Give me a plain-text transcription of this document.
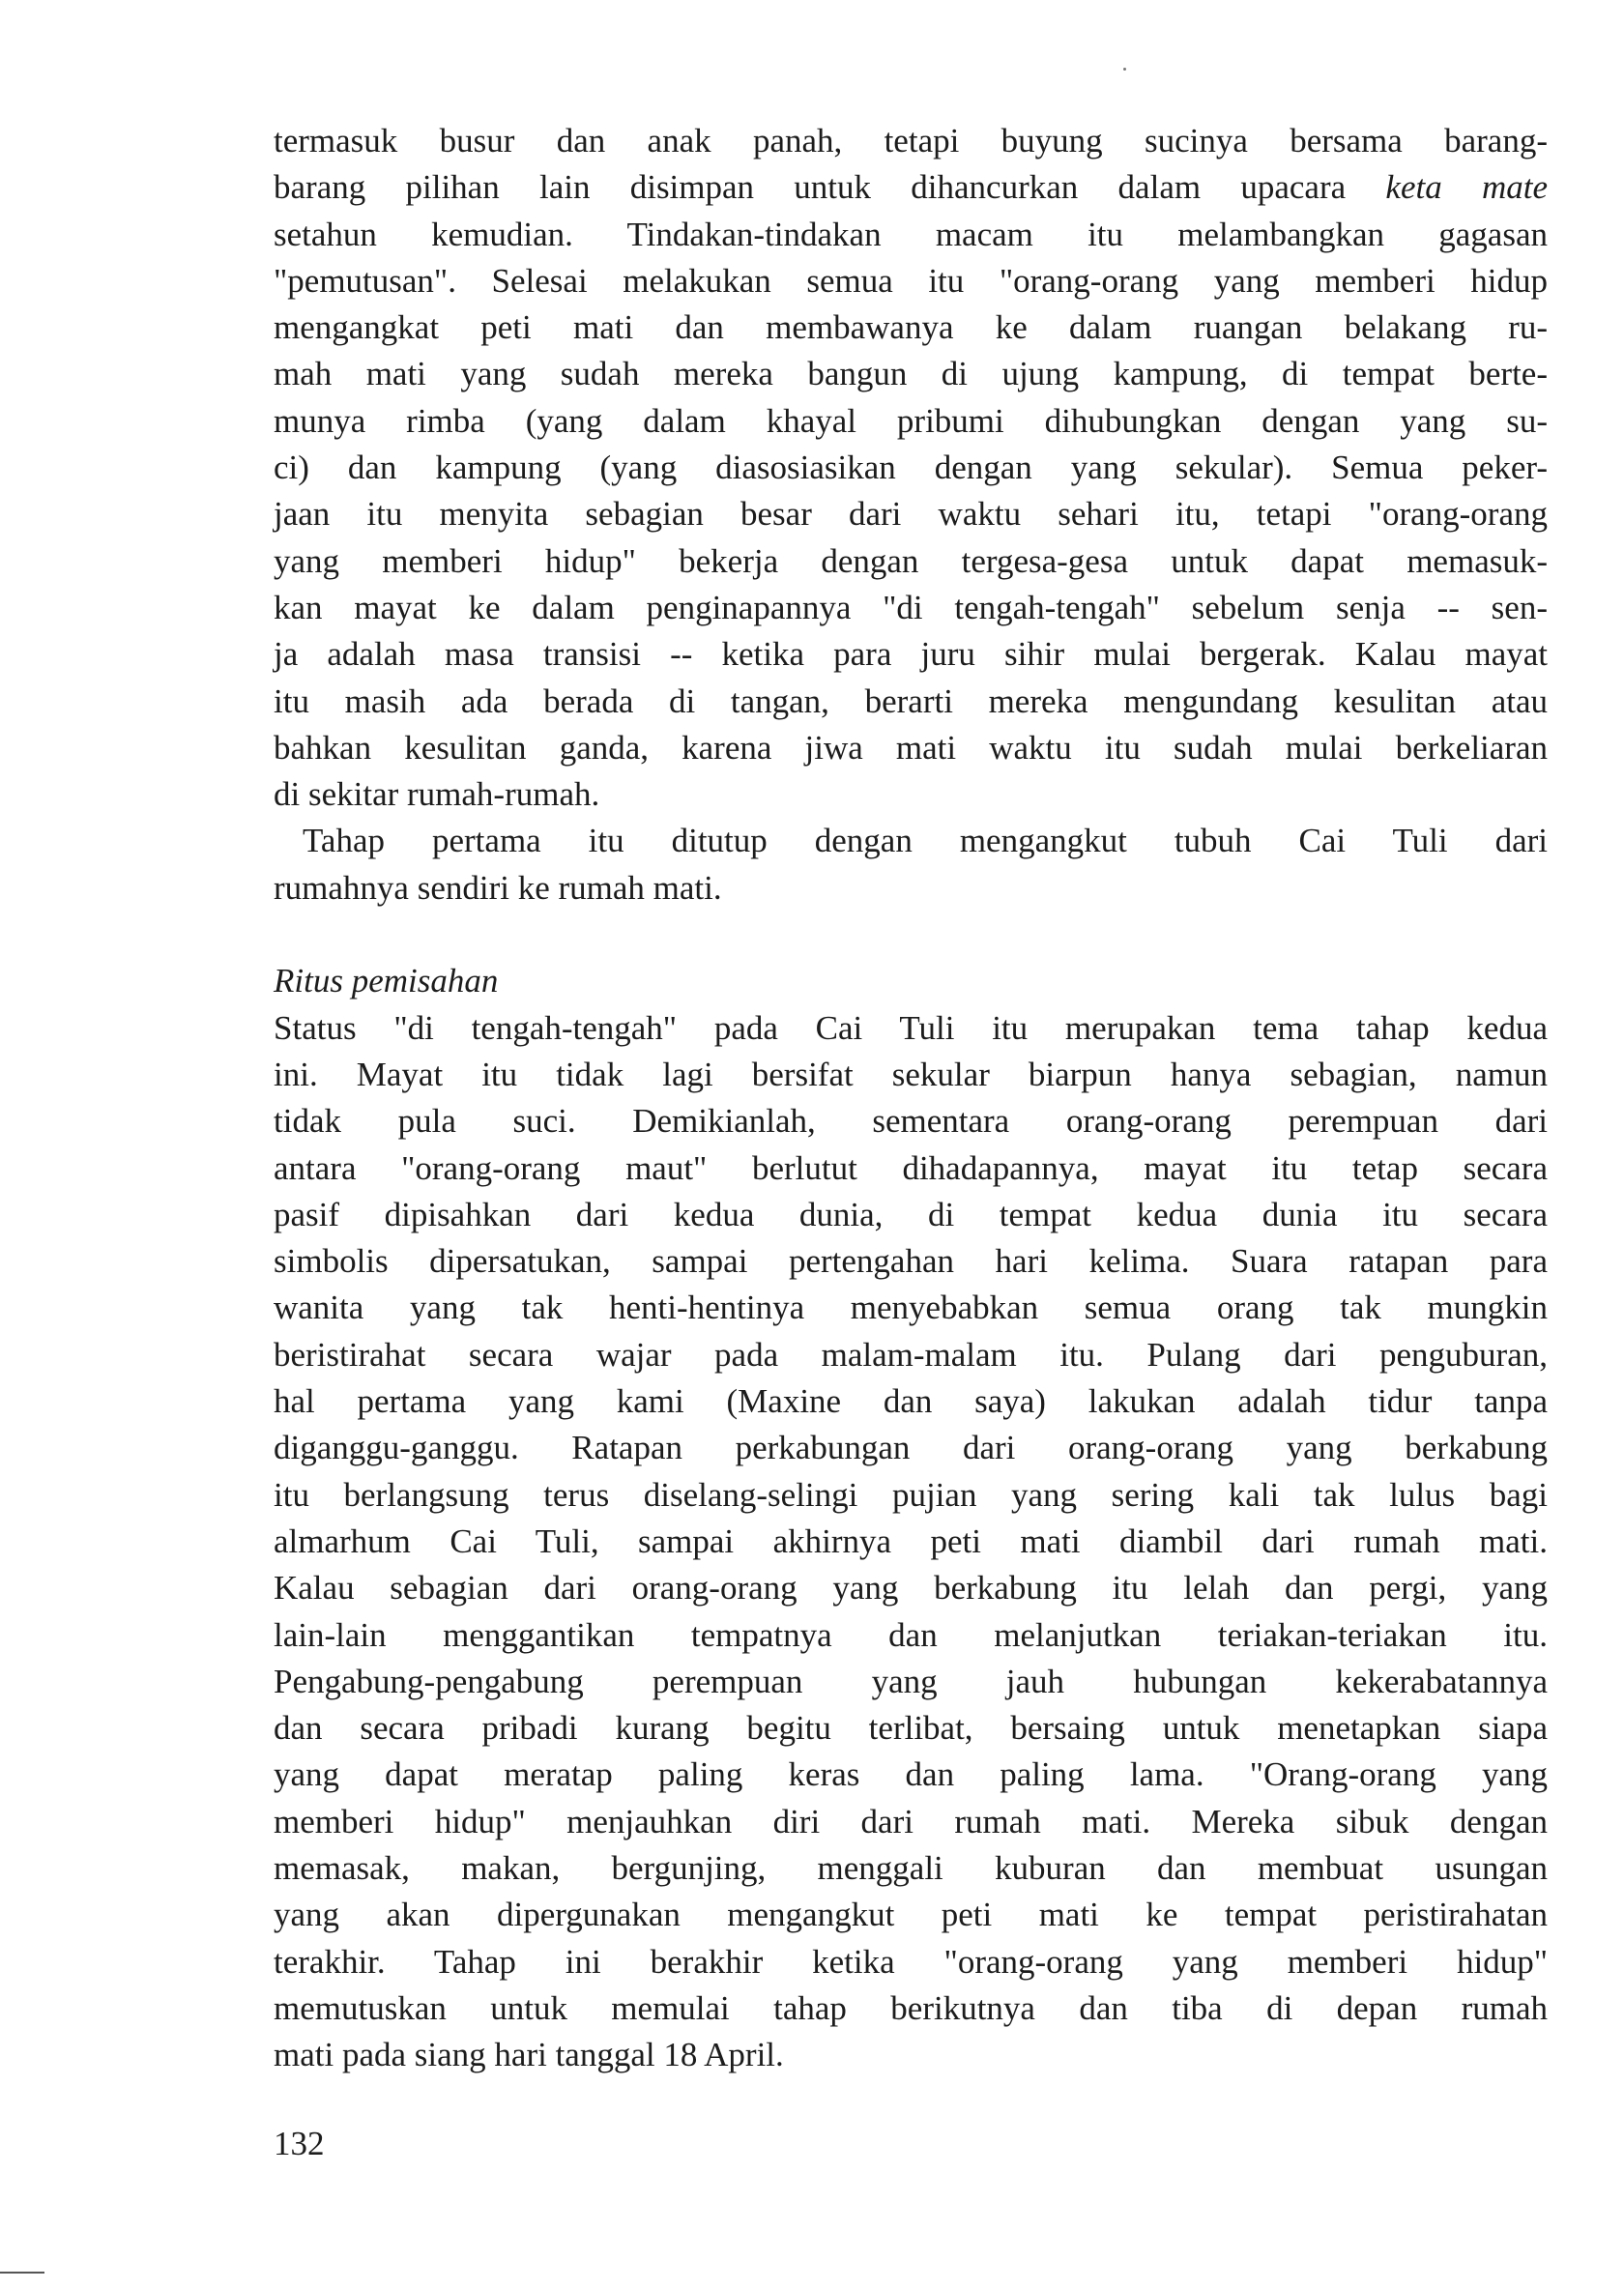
termasuk busur dan anak panah, tetapi buyung sucinya bersama barang-
barang pilihan lain disimpan untuk dihancurkan dalam upacara keta mate
setahun kemudian. Tindakan-tindakan macam itu melambangkan gagasan
"pemutusan". Selesai melakukan semua itu "orang-orang yang memberi hidup
mengangkat peti mati dan membawanya ke dalam ruangan belakang ru-
mah mati yang sudah mereka bangun di ujung kampung, di tempat berte-
munya rimba (yang dalam khayal pribumi dihubungkan dengan yang su-
ci) dan kampung (yang diasosiasikan dengan yang sekular). Semua peker-
jaan itu menyita sebagian besar dari waktu sehari itu, tetapi "orang-orang
yang memberi hidup" bekerja dengan tergesa-gesa untuk dapat memasuk-
kan mayat ke dalam penginapannya "di tengah-tengah" sebelum senja -- sen-
ja adalah masa transisi -- ketika para juru sihir mulai bergerak. Kalau mayat
itu masih ada berada di tangan, berarti mereka mengundang kesulitan atau
bahkan kesulitan ganda, karena jiwa mati waktu itu sudah mulai berkeliaran
di sekitar rumah-rumah.
Tahap pertama itu ditutup dengan mengangkut tubuh Cai Tuli dari
rumahnya sendiri ke rumah mati.
Ritus pemisahan
Status "di tengah-tengah" pada Cai Tuli itu merupakan tema tahap kedua
ini. Mayat itu tidak lagi bersifat sekular biarpun hanya sebagian, namun
tidak pula suci. Demikianlah, sementara orang-orang perempuan dari
antara "orang-orang maut" berlutut dihadapannya, mayat itu tetap secara
pasif dipisahkan dari kedua dunia, di tempat kedua dunia itu secara
simbolis dipersatukan, sampai pertengahan hari kelima. Suara ratapan para
wanita yang tak henti-hentinya menyebabkan semua orang tak mungkin
beristirahat secara wajar pada malam-malam itu. Pulang dari penguburan,
hal pertama yang kami (Maxine dan saya) lakukan adalah tidur tanpa
diganggu-ganggu. Ratapan perkabungan dari orang-orang yang berkabung
itu berlangsung terus diselang-selingi pujian yang sering kali tak lulus bagi
almarhum Cai Tuli, sampai akhirnya peti mati diambil dari rumah mati.
Kalau sebagian dari orang-orang yang berkabung itu lelah dan pergi, yang
lain-lain menggantikan tempatnya dan melanjutkan teriakan-teriakan itu.
Pengabung-pengabung perempuan yang jauh hubungan kekerabatannya
dan secara pribadi kurang begitu terlibat, bersaing untuk menetapkan siapa
yang dapat meratap paling keras dan paling lama. "Orang-orang yang
memberi hidup" menjauhkan diri dari rumah mati. Mereka sibuk dengan
memasak, makan, bergunjing, menggali kuburan dan membuat usungan
yang akan dipergunakan mengangkut peti mati ke tempat peristirahatan
terakhir. Tahap ini berakhir ketika "orang-orang yang memberi hidup"
memutuskan untuk memulai tahap berikutnya dan tiba di depan rumah
mati pada siang hari tanggal 18 April.
132
